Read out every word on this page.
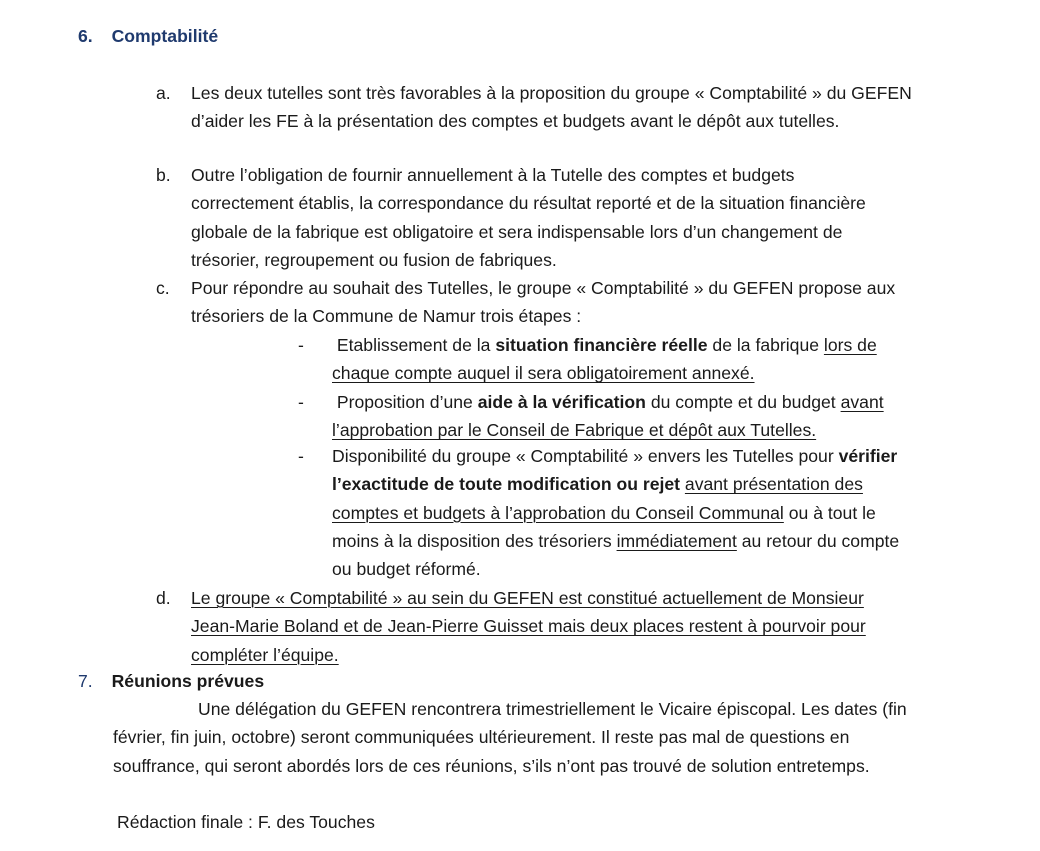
6. Comptabilité
a. Les deux tutelles sont très favorables à la proposition du groupe « Comptabilité » du GEFEN d’aider les FE à la présentation des comptes et budgets avant le dépôt aux tutelles.

b. Outre l’obligation de fournir annuellement à la Tutelle des comptes et budgets correctement établis, la correspondance du résultat reporté et de la situation financière globale de la fabrique est obligatoire et sera indispensable lors d’un changement de trésorier, regroupement ou fusion de fabriques.

c. Pour répondre au souhait des Tutelles, le groupe « Comptabilité » du GEFEN propose aux trésoriers de la Commune de Namur trois étapes :

- Etablissement de la situation financière réelle de la fabrique lors de chaque compte auquel il sera obligatoirement annexé.

- Proposition d’une aide à la vérification du compte et du budget avant l’approbation par le Conseil de Fabrique et dépôt aux Tutelles.

- Disponibilité du groupe « Comptabilité » envers les Tutelles pour vérifier l’exactitude de toute modification ou rejet avant présentation des comptes et budgets à l’approbation du Conseil Communal ou à tout le moins à la disposition des trésoriers immédiatement au retour du compte ou budget réformé.

d. Le groupe « Comptabilité » au sein du GEFEN est constitué actuellement de Monsieur Jean-Marie Boland et de Jean-Pierre Guisset mais deux places restent à pourvoir pour compléter l’équipe.

7. Réunions prévues

Une délégation du GEFEN rencontrera trimestriellement le Vicaire épiscopal. Les dates (fin février, fin juin, octobre) seront communiquées ultérieurement. Il reste pas mal de questions en souffrance, qui seront abordés lors de ces réunions, s’ils n’ont pas trouvé de solution entretemps.

Rédaction finale : F. des Touches
